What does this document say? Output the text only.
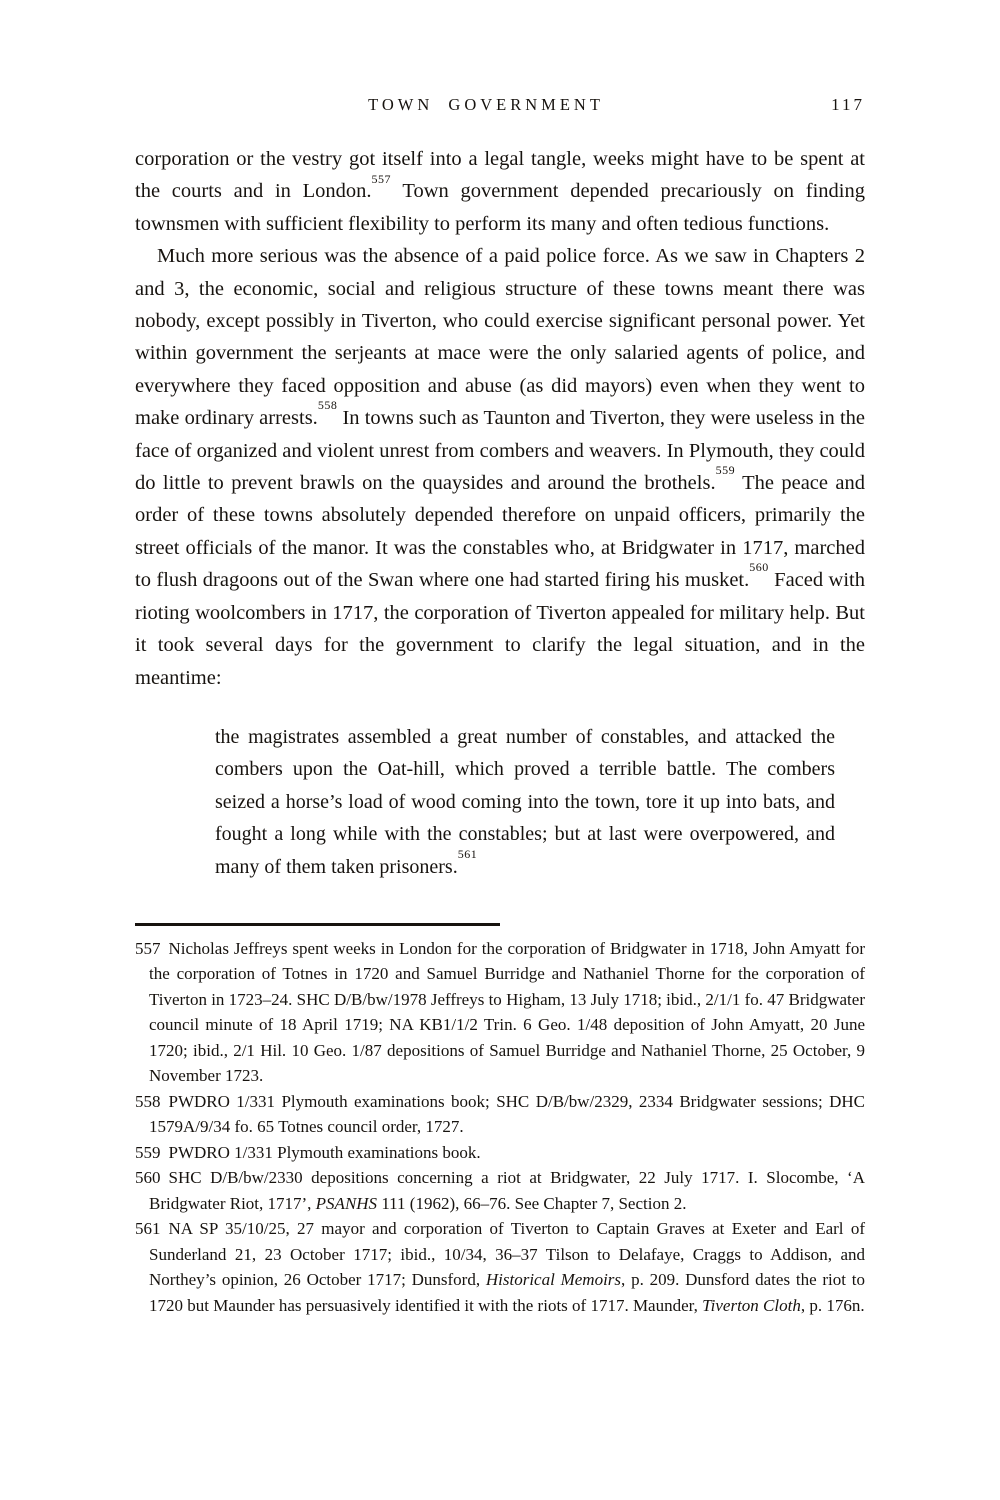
TOWN GOVERNMENT	117

corporation or the vestry got itself into a legal tangle, weeks might have to be spent at the courts and in London.$^{557}$ Town government depended precariously on finding townsmen with sufficient flexibility to perform its many and often tedious functions.

Much more serious was the absence of a paid police force. As we saw in Chapters 2 and 3, the economic, social and religious structure of these towns meant there was nobody, except possibly in Tiverton, who could exercise significant personal power. Yet within government the serjeants at mace were the only salaried agents of police, and everywhere they faced opposition and abuse (as did mayors) even when they went to make ordinary arrests.$^{558}$ In towns such as Taunton and Tiverton, they were useless in the face of organized and violent unrest from combers and weavers. In Plymouth, they could do little to prevent brawls on the quaysides and around the brothels.$^{559}$ The peace and order of these towns absolutely depended therefore on unpaid officers, primarily the street officials of the manor. It was the constables who, at Bridgwater in 1717, marched to flush dragoons out of the Swan where one had started firing his musket.$^{560}$ Faced with rioting woolcombers in 1717, the corporation of Tiverton appealed for military help. But it took several days for the government to clarify the legal situation, and in the meantime:

the magistrates assembled a great number of constables, and attacked the combers upon the Oat-hill, which proved a terrible battle. The combers seized a horse’s load of wood coming into the town, tore it up into bats, and fought a long while with the constables; but at last were overpowered, and many of them taken prisoners.$^{561}$

557 Nicholas Jeffreys spent weeks in London for the corporation of Bridgwater in 1718, John Amyatt for the corporation of Totnes in 1720 and Samuel Burridge and Nathaniel Thorne for the corporation of Tiverton in 1723–24. SHC D/B/bw/1978 Jeffreys to Higham, 13 July 1718; ibid., 2/1/1 fo. 47 Bridgwater council minute of 18 April 1719; NA KB1/1/2 Trin. 6 Geo. 1/48 deposition of John Amyatt, 20 June 1720; ibid., 2/1 Hil. 10 Geo. 1/87 depositions of Samuel Burridge and Nathaniel Thorne, 25 October, 9 November 1723.

558 PWDRO 1/331 Plymouth examinations book; SHC D/B/bw/2329, 2334 Bridgwater sessions; DHC 1579A/9/34 fo. 65 Totnes council order, 1727.

559 PWDRO 1/331 Plymouth examinations book.

560 SHC D/B/bw/2330 depositions concerning a riot at Bridgwater, 22 July 1717. I. Slocombe, ‘A Bridgwater Riot, 1717’, PSANHS 111 (1962), 66–76. See Chapter 7, Section 2.

561 NA SP 35/10/25, 27 mayor and corporation of Tiverton to Captain Graves at Exeter and Earl of Sunderland 21, 23 October 1717; ibid., 10/34, 36–37 Tilson to Delafaye, Craggs to Addison, and Northey’s opinion, 26 October 1717; Dunsford, Historical Memoirs, p. 209. Dunsford dates the riot to 1720 but Maunder has persuasively identified it with the riots of 1717. Maunder, Tiverton Cloth, p. 176n.
